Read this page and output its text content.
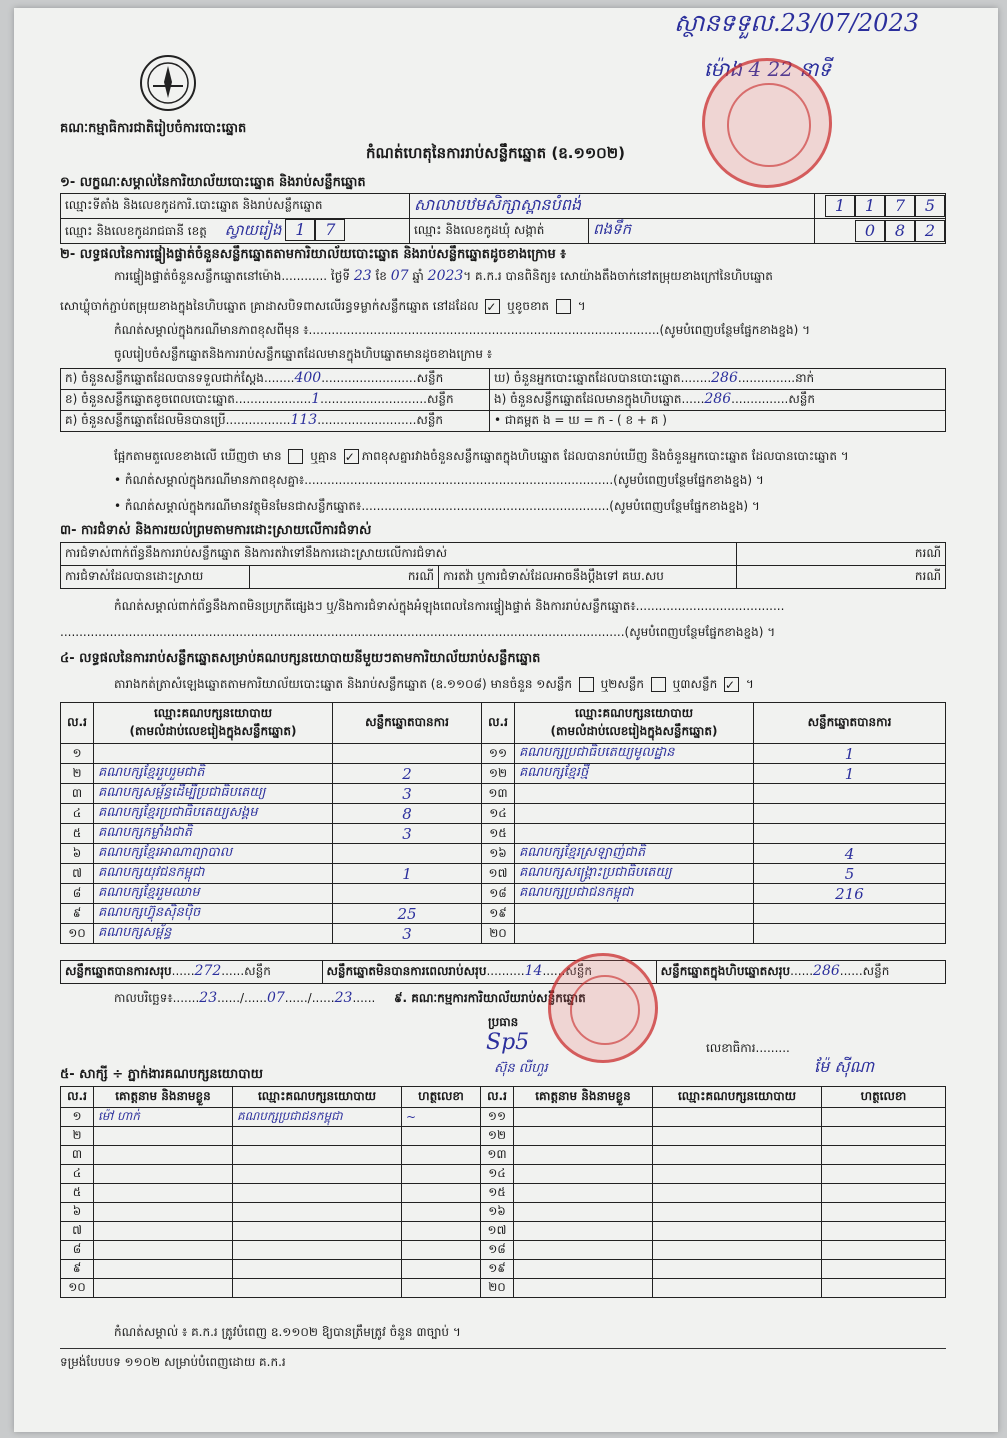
ស្ថានទទួល.23/07/2023
ម៉ោង 4 22 នាទី
គណៈកម្មាធិការជាតិរៀបចំការបោះឆ្នោត
កំណត់ហេតុនៃការរាប់សន្លឹកឆ្នោត (ឧ.១១០២)
១- លក្ខណៈសម្គាល់នៃការិយាល័យបោះឆ្នោត និងរាប់សន្លឹកឆ្នោត
ឈ្មោះទីតាំង និងលេខកូដការិ.បោះឆ្នោត និងរាប់សន្លឹកឆ្នោត	សាលាបឋមសិក្សាស្ពានបំពង់		1 1 7 5
ឈ្មោះ និងលេខកូដរាជធានី ខេត្ត ស្វាយរៀង 1 7	ឈ្មោះ និងលេខកូដឃុំ សង្កាត់	ពងទឹក	0 8 2
២- លទ្ធផលនៃការផ្ទៀងផ្ទាត់ចំនួនសន្លឹកឆ្នោតតាមការិយាល័យបោះឆ្នោត និងរាប់សន្លឹកឆ្នោតដូចខាងក្រោម ៖
ការផ្ទៀងផ្ទាត់ចំនួនសន្លឹកឆ្នោតនៅម៉ោង............ ថ្ងៃទី 23 ខែ 07 ឆ្នាំ 2023។ គ.ក.រ បានពិនិត្យ៖ សោយ៉ាងតឹងចាក់នៅតម្រុយខាងក្រៅនៃហិបឆ្នោត
សោឃ្លុំចាក់ភ្ជាប់តម្រុយខាងក្នុងនៃហិបឆ្នោត គ្រាដាសបិទពាសលើរន្ធទម្លាក់សន្លឹកឆ្នោត នៅដដែល ✓ ឬខូចខាត  ។
កំណត់សម្គាល់ក្នុងករណីមានភាពខុសពីមុន ៖............................................................................................(សូមបំពេញបន្ថែមផ្នែកខាងខ្នង) ។
ចូលរៀបចំសន្លឹកឆ្នោតនិងការរាប់សន្លឹកឆ្នោតដែលមានក្នុងហិបឆ្នោតមានដូចខាងក្រោម ៖
ក) ចំនួនសន្លឹកឆ្នោតដែលបានទទួលជាក់ស្តែង........400.........................សន្លឹក	ឃ) ចំនួនអ្នកបោះឆ្នោតដែលបានបោះឆ្នោត........286...............នាក់
ខ) ចំនួនសន្លឹកឆ្នោតខូចពេលបោះឆ្នោត....................1............................សន្លឹក	ង) ចំនួនសន្លឹកឆ្នោតដែលមានក្នុងហិបឆ្នោត......286...............សន្លឹក
គ) ចំនួនសន្លឹកឆ្នោតដែលមិនបានប្រើ.................113..........................សន្លឹក	• ជាគម្ពត ង = ឃ = ក - ( ខ + គ )
ផ្អែកតាមតួលេខខាងលើ ឃើញថា មាន ឬគ្មាន ✓ ភាពខុសគ្នារវាងចំនួនសន្លឹកឆ្នោតក្នុងហិបឆ្នោត ដែលបានរាប់ឃើញ និងចំនួនអ្នកបោះឆ្នោត ដែលបានបោះឆ្នោត ។
• កំណត់សម្គាល់ក្នុងករណីមានភាពខុសគ្នា៖.................................................................................(សូមបំពេញបន្ថែមផ្នែកខាងខ្នង) ។
• កំណត់សម្គាល់ក្នុងករណីមានវត្ថុមិនមែនជាសន្លឹកឆ្នោត៖.................................................................(សូមបំពេញបន្ថែមផ្នែកខាងខ្នង) ។
៣- ការជំទាស់ និងការយល់ព្រមតាមការដោះស្រាយលើការជំទាស់
ការជំទាស់ពាក់ព័ន្ធនឹងការរាប់សន្លឹកឆ្នោត និងការតវ៉ាទៅនឹងការដោះស្រាយលើការជំទាស់			ករណី
ការជំទាស់ដែលបានដោះស្រាយ	ករណី	ការតវ៉ា ឬការជំទាស់ដែលអាចនឹងប្តឹងទៅ គឃ.សប	ករណី
កំណត់សម្គាល់ពាក់ព័ន្ធនឹងភាពមិនប្រក្រតីផ្សេងៗ ឬ/និងការជំទាស់ក្នុងអំឡុងពេលនៃការផ្ទៀងផ្ទាត់ និងការរាប់សន្លឹកឆ្នោត៖.......................................
....................................................................................................................................................(សូមបំពេញបន្ថែមផ្នែកខាងខ្នង) ។
៤- លទ្ធផលនៃការរាប់សន្លឹកឆ្នោតសម្រាប់គណបក្សនយោបាយនីមួយៗតាមការិយាល័យរាប់សន្លឹកឆ្នោត
តារាងកត់ត្រាសំឡេងឆ្នោតតាមការិយាល័យបោះឆ្នោត និងរាប់សន្លឹកឆ្នោត (ឧ.១១០៨) មានចំនួន ១សន្លឹក ឬ២សន្លឹក ឬ៣សន្លឹក ✓ ។
ល.រ	ឈ្មោះគណបក្សនយោបាយ
(តាមលំដាប់លេខរៀងក្នុងសន្លឹកឆ្នោត)	សន្លឹកឆ្នោតបានការ	ល.រ	ឈ្មោះគណបក្សនយោបាយ
(តាមលំដាប់លេខរៀងក្នុងសន្លឹកឆ្នោត)	សន្លឹកឆ្នោតបានការ
១			១១	គណបក្សប្រជាធិបតេយ្យមូលដ្ឋាន	1
២	គណបក្សខ្មែររួបរួមជាតិ	2	១២	គណបក្សខ្មែរថ្មី	1
៣	គណបក្សសម្ព័ន្ធដើម្បីប្រជាធិបតេយ្យ	3	១៣		
៤	គណបក្សខ្មែរប្រជាធិបតេយ្យសង្គម	8	១៤		
៥	គណបក្សកម្លាំងជាតិ	3	១៥		
៦	គណបក្សខ្មែរអាណាព្យាបាល		១៦	គណបក្សខ្មែរស្រឡាញ់ជាតិ	4
៧	គណបក្សយុវជនកម្ពុជា	1	១៧	គណបក្សសង្គ្រោះប្រជាធិបតេយ្យ	5
៨	គណបក្សខ្មែររួមឈាម		១៨	គណបក្សប្រជាជនកម្ពុជា	216
៩	គណបក្សហ៊្វុនស៊ិនប៉ិច	25	១៩		
១០	គណបក្សសម្ព័ន្ធ	3	២០		
សន្លឹកឆ្នោតបានការសរុប......272......សន្លឹក	សន្លឹកឆ្នោតមិនបានការពេលរាប់សរុប..........14......សន្លឹក	សន្លឹកឆ្នោតក្នុងហិបឆ្នោតសរុប......286......សន្លឹក
កាលបរិច្ឆេទ៖.......23....../......07....../......23...... ៩. គណៈកម្មការការិយាល័យរាប់សន្លឹកឆ្នោត
ប្រធាន
ស៊ុន លីហួរ
Sp5	លេខាធិការ.........
ម៉ែ ស៊ីណា
៥- សាក្សី ÷ ភ្នាក់ងារគណបក្សនយោបាយ
ល.រ	គោត្តនាម និងនាមខ្លួន	ឈ្មោះគណបក្សនយោបាយ	ហត្ថលេខា	ល.រ	គោត្តនាម និងនាមខ្លួន	ឈ្មោះគណបក្សនយោបាយ	ហត្ថលេខា
១	ម៉ៅ ហាក់	គណបក្សប្រជាជនកម្ពុជា	~	១១			
២				១២			
៣				១៣			
៤				១៤			
៥				១៥			
៦				១៦			
៧				១៧			
៨				១៨			
៩				១៩			
១០				២០			
កំណត់សម្គាល់ ៖ គ.ក.រ ត្រូវបំពេញ ឧ.១១០២ ឱ្យបានត្រឹមត្រូវ ចំនួន ៣ច្បាប់ ។
ទម្រង់បែបបទ ១១០២ សម្រាប់បំពេញដោយ គ.ក.រ
